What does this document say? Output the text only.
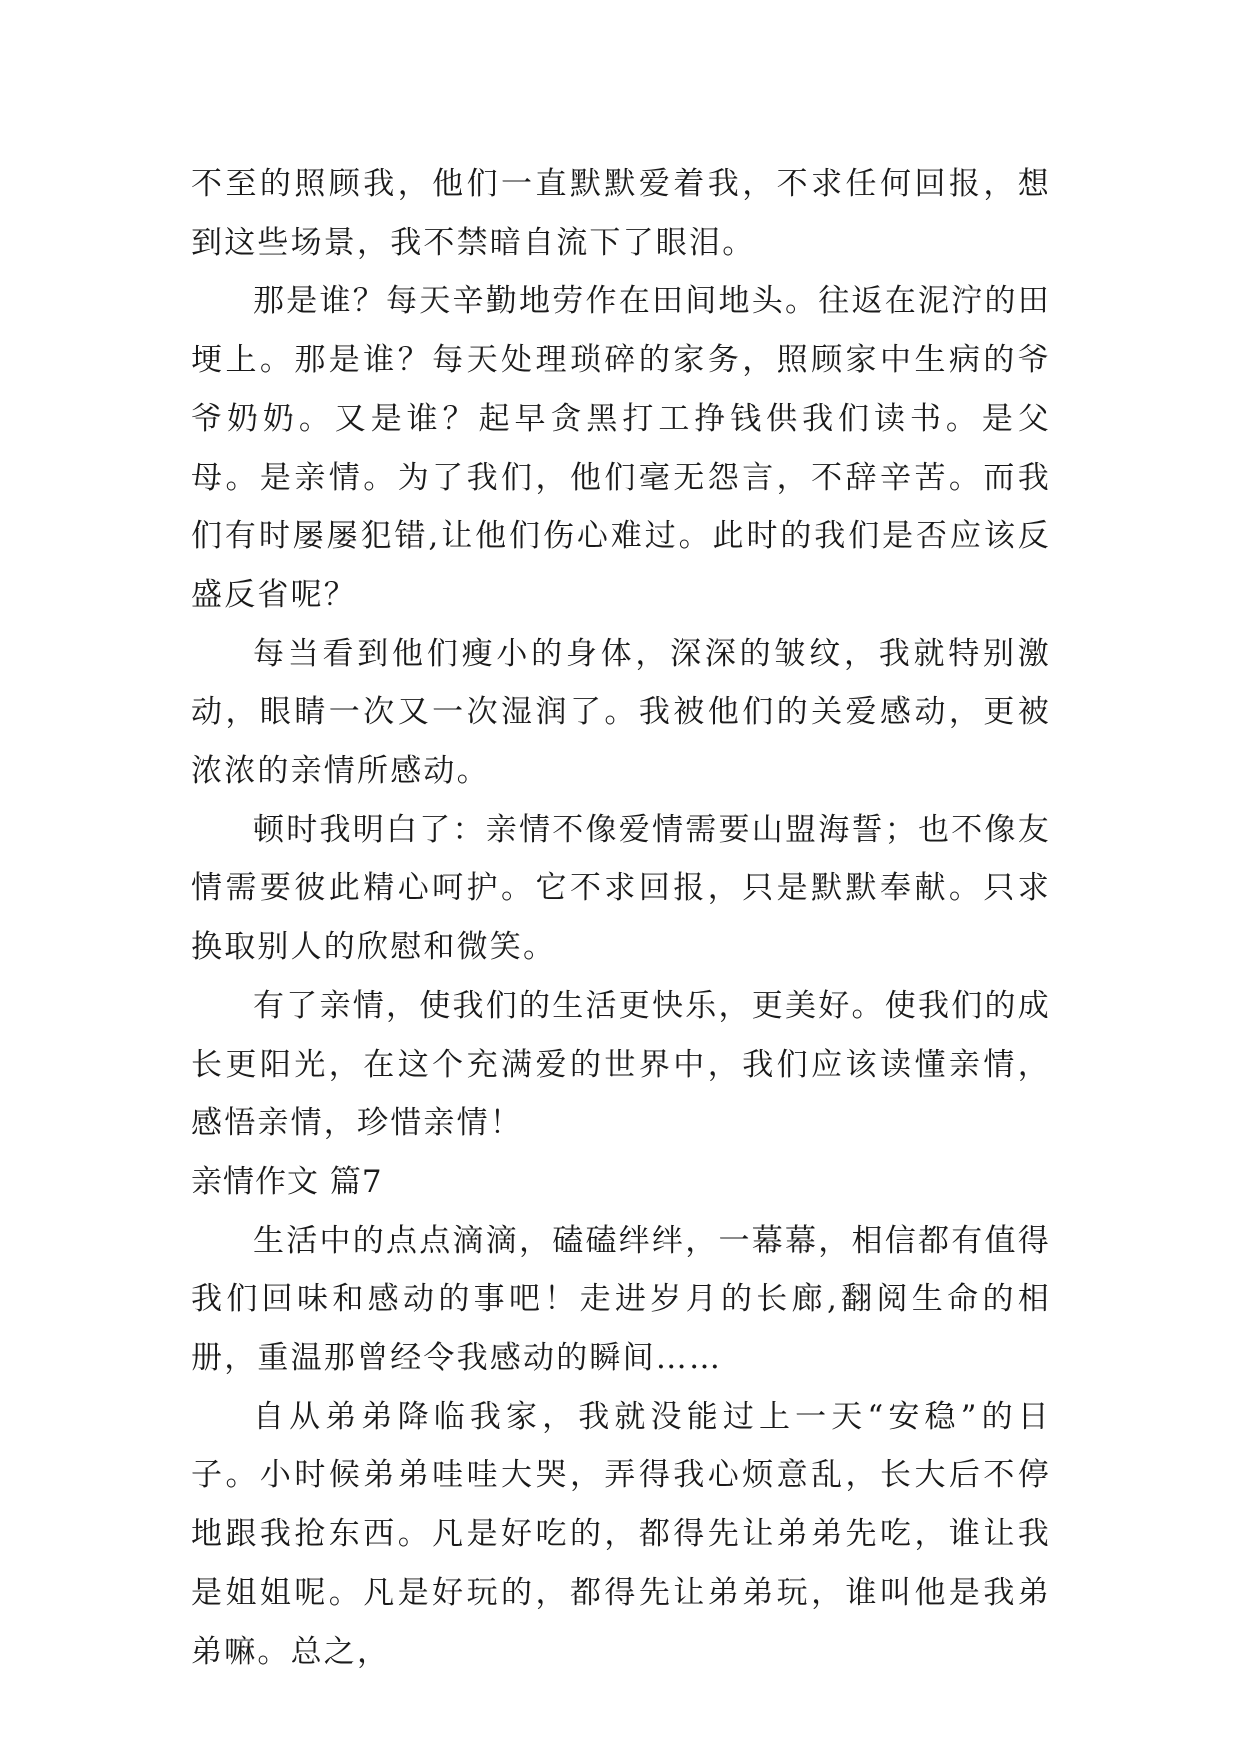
不至的照顾我，他们一直默默爱着我，不求任何回报，想到这些场景，我不禁暗自流下了眼泪。

那是谁？每天辛勤地劳作在田间地头。往返在泥泞的田埂上。那是谁？每天处理琐碎的家务，照顾家中生病的爷爷奶奶。又是谁？起早贪黑打工挣钱供我们读书。是父母。是亲情。为了我们，他们毫无怨言，不辞辛苦。而我们有时屡屡犯错,让他们伤心难过。此时的我们是否应该反盛反省呢？

每当看到他们瘦小的身体，深深的皱纹，我就特别激动，眼睛一次又一次湿润了。我被他们的关爱感动，更被浓浓的亲情所感动。

顿时我明白了：亲情不像爱情需要山盟海誓；也不像友情需要彼此精心呵护。它不求回报，只是默默奉献。只求换取别人的欣慰和微笑。

有了亲情，使我们的生活更快乐，更美好。使我们的成长更阳光，在这个充满爱的世界中，我们应该读懂亲情，感悟亲情，珍惜亲情！

亲情作文 篇7

生活中的点点滴滴，磕磕绊绊，一幕幕，相信都有值得我们回味和感动的事吧！走进岁月的长廊,翻阅生命的相册，重温那曾经令我感动的瞬间……

自从弟弟降临我家，我就没能过上一天“安稳”的日子。小时候弟弟哇哇大哭，弄得我心烦意乱，长大后不停地跟我抢东西。凡是好吃的，都得先让弟弟先吃，谁让我是姐姐呢。凡是好玩的，都得先让弟弟玩，谁叫他是我弟弟嘛。总之，
